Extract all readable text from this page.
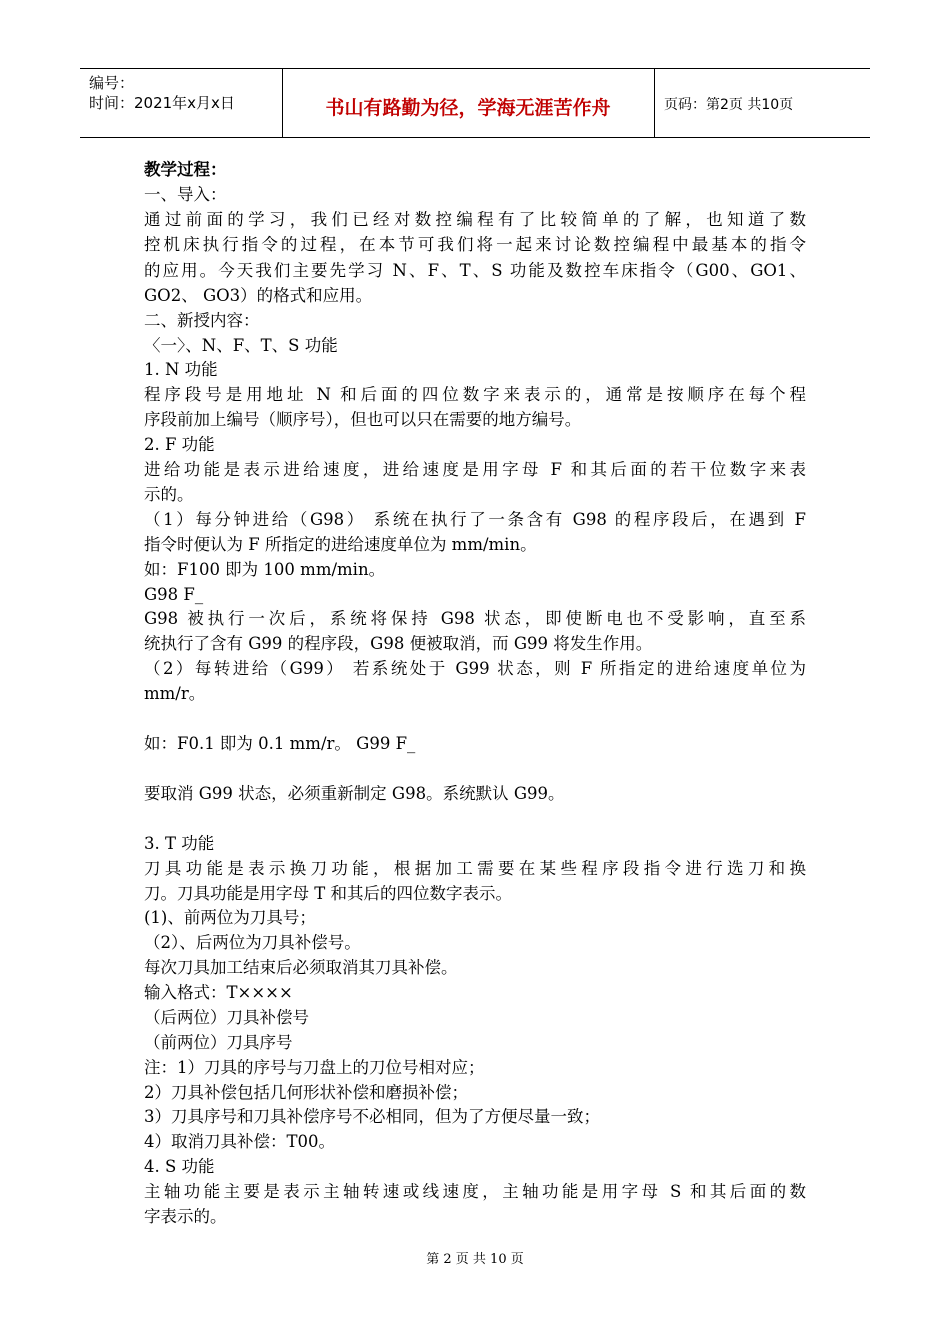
编号：
时间：2021年x月x日	书山有路勤为径，学海无涯苦作舟	页码：第2页 共10页
教学过程：
一、导入：
通过前面的学习，我们已经对数控编程有了比较简单的了解，也知道了数
控机床执行指令的过程，在本节可我们将一起来讨论数控编程中最基本的指令
的应用。今天我们主要先学习 N、F、T、S 功能及数控车床指令（G00、GO1、
GO2、 GO3）的格式和应用。
二、新授内容：
〈一〉、N、F、T、S 功能
1. N 功能
程序段号是用地址 N 和后面的四位数字来表示的，通常是按顺序在每个程
序段前加上编号（顺序号），但也可以只在需要的地方编号。
2. F 功能
进给功能是表示进给速度，进给速度是用字母 F 和其后面的若干位数字来表
示的。
（1）每分钟进给（G98） 系统在执行了一条含有 G98 的程序段后，在遇到 F
指令时便认为 F 所指定的进给速度单位为 mm/min。
如：F100 即为 100 mm/min。
G98 F_
G98 被执行一次后，系统将保持 G98 状态，即使断电也不受影响，直至系
统执行了含有 G99 的程序段，G98 便被取消，而 G99 将发生作用。
（2）每转进给（G99） 若系统处于 G99 状态，则 F 所指定的进给速度单位为
mm/r。
如：F0.1 即为 0.1 mm/r。 G99 F_
要取消 G99 状态，必须重新制定 G98。系统默认 G99。
3. T 功能
刀具功能是表示换刀功能，根据加工需要在某些程序段指令进行选刀和换
刀。刀具功能是用字母 T 和其后的四位数字表示。
(1)、前两位为刀具号；
（2）、后两位为刀具补偿号。
每次刀具加工结束后必须取消其刀具补偿。
输入格式：T××××
（后两位）刀具补偿号
（前两位）刀具序号
注：1）刀具的序号与刀盘上的刀位号相对应；
2）刀具补偿包括几何形状补偿和磨损补偿；
3）刀具序号和刀具补偿序号不必相同，但为了方便尽量一致；
4）取消刀具补偿：T00。
4. S 功能
主轴功能主要是表示主轴转速或线速度，主轴功能是用字母 S 和其后面的数
字表示的。
第 2 页 共 10 页
